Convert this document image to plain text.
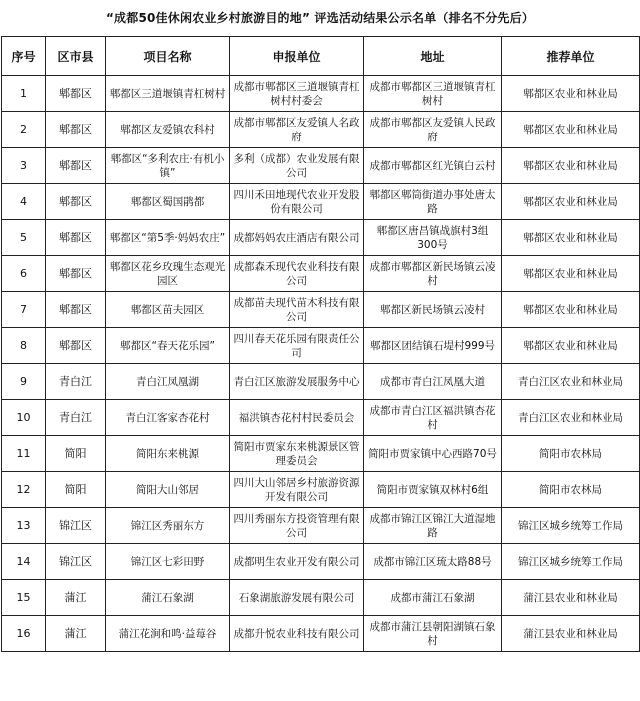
“成都50佳休闲农业乡村旅游目的地” 评选活动结果公示名单（排名不分先后）
序号	区市县	项目名称	申报单位	地址	推荐单位
1	郫都区	郫都区三道堰镇青杠树村	成都市郫都区三道堰镇青杠树村村委会	成都市郫都区三道堰镇青杠树村	郫都区农业和林业局
2	郫都区	郫都区友爱镇农科村	成都市郫都区友爱镇人名政府	成都市郫都区友爱镇人民政府	郫都区农业和林业局
3	郫都区	郫都区“多利农庄·有机小镇”	多利（成都）农业发展有限公司	成都市郫都区红光镇白云村	郫都区农业和林业局
4	郫都区	郫都区蜀国鹃都	四川禾田地现代农业开发股份有限公司	郫都区郫筒街道办事处唐太路	郫都区农业和林业局
5	郫都区	郫都区“第5季·妈妈农庄”	成都妈妈农庄酒店有限公司	郫都区唐昌镇战旗村3组300号	郫都区农业和林业局
6	郫都区	郫都区花乡玫瑰生态观光园区	成都森禾现代农业科技有限公司	成都市郫都区新民场镇云凌村	郫都区农业和林业局
7	郫都区	郫都区苗夫园区	成都苗夫现代苗木科技有限公司	郫都区新民场镇云凌村	郫都区农业和林业局
8	郫都区	郫都区“春天花乐园”	四川春天花乐园有限责任公司	郫都区团结镇石堤村999号	郫都区农业和林业局
9	青白江	青白江凤凰湖	青白江区旅游发展服务中心	成都市青白江凤凰大道	青白江区农业和林业局
10	青白江	青白江客家杏花村	福洪镇杏花村村民委员会	成都市青白江区福洪镇杏花村	青白江区农业和林业局
11	简阳	简阳东来桃源	简阳市贾家东来桃源景区管理委员会	简阳市贾家镇中心西路70号	简阳市农林局
12	简阳	简阳大山邻居	四川大山邻居乡村旅游资源开发有限公司	简阳市贾家镇双林村6组	简阳市农林局
13	锦江区	锦江区秀丽东方	四川秀丽东方投资管理有限公司	成都市锦江区锦江大道湿地路	锦江区城乡统筹工作局
14	锦江区	锦江区七彩田野	成都明生农业开发有限公司	成都市锦江区琉太路88号	锦江区城乡统筹工作局
15	蒲江	蒲江石象湖	石象湖旅游发展有限公司	成都市蒲江石象湖	蒲江县农业和林业局
16	蒲江	蒲江花涧和鸣·益莓谷	成都升悦农业科技有限公司	成都市蒲江县朝阳湖镇石象村	蒲江县农业和林业局
